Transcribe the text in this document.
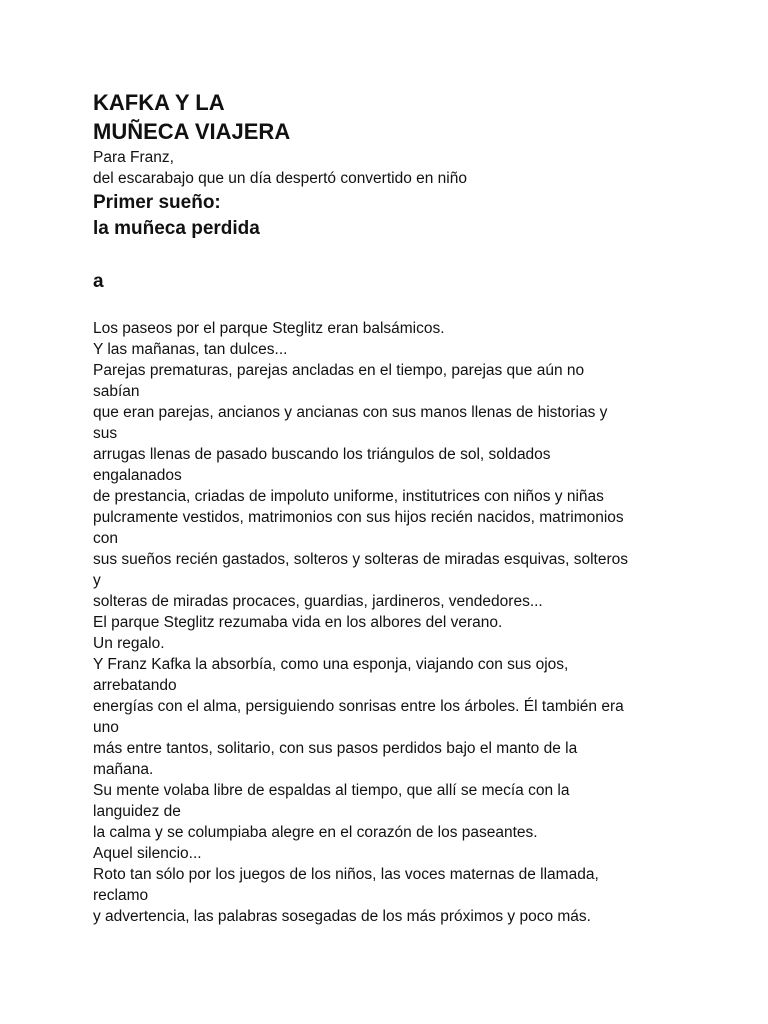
KAFKA Y LA
MUÑECA VIAJERA
Para Franz,
del escarabajo que un día despertó convertido en niño
Primer sueño:
la muñeca perdida
a
Los paseos por el parque Steglitz eran balsámicos.
Y las mañanas, tan dulces...
Parejas prematuras, parejas ancladas en el tiempo, parejas que aún no
sabían
que eran parejas, ancianos y ancianas con sus manos llenas de historias y
sus
arrugas llenas de pasado buscando los triángulos de sol, soldados
engalanados
de prestancia, criadas de impoluto uniforme, institutrices con niños y niñas
pulcramente vestidos, matrimonios con sus hijos recién nacidos, matrimonios
con
sus sueños recién gastados, solteros y solteras de miradas esquivas, solteros
y
solteras de miradas procaces, guardias, jardineros, vendedores...
El parque Steglitz rezumaba vida en los albores del verano.
Un regalo.
Y Franz Kafka la absorbía, como una esponja, viajando con sus ojos,
arrebatando
energías con el alma, persiguiendo sonrisas entre los árboles. Él también era
uno
más entre tantos, solitario, con sus pasos perdidos bajo el manto de la
mañana.
Su mente volaba libre de espaldas al tiempo, que allí se mecía con la
languidez de
la calma y se columpiaba alegre en el corazón de los paseantes.
Aquel silencio...
Roto tan sólo por los juegos de los niños, las voces maternas de llamada,
reclamo
y advertencia, las palabras sosegadas de los más próximos y poco más.
